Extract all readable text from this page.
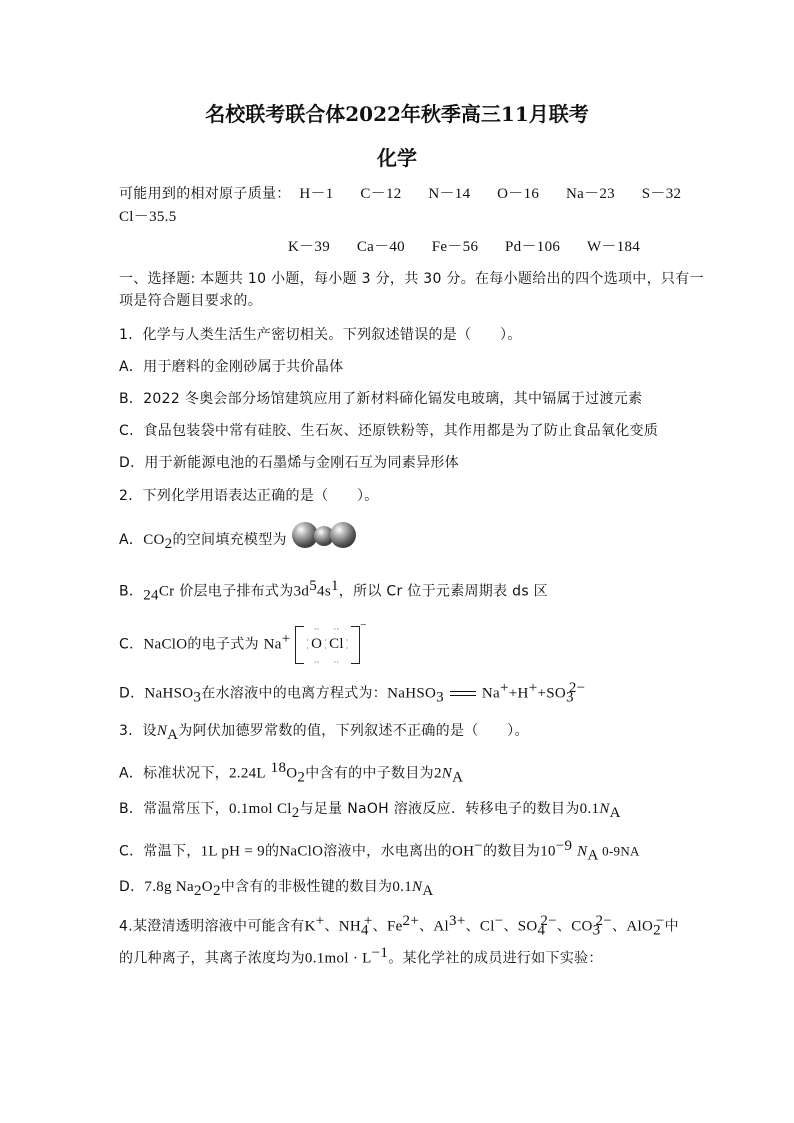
名校联考联合体2022年秋季高三11月联考
化学
可能用到的相对原子质量： H－1 C－12 N－14 O－16 Na－23 S－32
Cl－35.5
K－39 Ca－40 Fe－56 Pd－106 W－184
一、选择题: 本题共 10 小题，每小题 3 分，共 30 分。在每小题给出的四个选项中，只有一
项是符合题目要求的。
1．化学与人类生活生产密切相关。下列叙述错误的是（　　）。
A．用于磨料的金刚砂属于共价晶体
B．2022 冬奥会部分场馆建筑应用了新材料碲化镉发电玻璃，其中镉属于过渡元素
C．食品包装袋中常有硅胶、生石灰、还原铁粉等，其作用都是为了防止食品氧化变质
D．用于新能源电池的石墨烯与金刚石互为同素异形体
2．下列化学用语表达正确的是（　　）。
A．$CO_2$的空间填充模型为
B．$_{24}$Cr 价层电子排布式为$3d^54s^1$，所以 Cr 位于元素周期表 ds 区
C．NaClO的电子式为 Na+ ·
·
··
O
··
·
·
··
Cl
··
·
·
−
D．NaHSO$_3$在水溶液中的电离方程式为：NaHSO$_3$	$Na^++H^++SO_3^{2-}$
3．设$N_A$为阿伏加德罗常数的值，下列叙述不正确的是（　　）。
A．标准状况下，2.24L $^{18}O_2$中含有的中子数目为$2N_A$
B．常温常压下，0.1mol $Cl_2$与足量 NaOH 溶液反应．转移电子的数目为$0.1N_A$
C．常温下，1L pH = 9的NaClO溶液中，水电离出的OH−的数目为$10^{-9}$ $N_A$ 0-9NA
D．7.8g $Na_2O_2$中含有的非极性键的数目为$0.1N_A$
4.某澄清透明溶液中可能含有K+、$NH_4^+$、$Fe^{2+}$、$Al^{3+}$、Cl−、$SO_4^{2-}$、$CO_3^{2-}$、AlO$_2$−中
的几种离子，其离子浓度均为$0.1mol \cdot L^{-1}$。某化学社的成员进行如下实验：
